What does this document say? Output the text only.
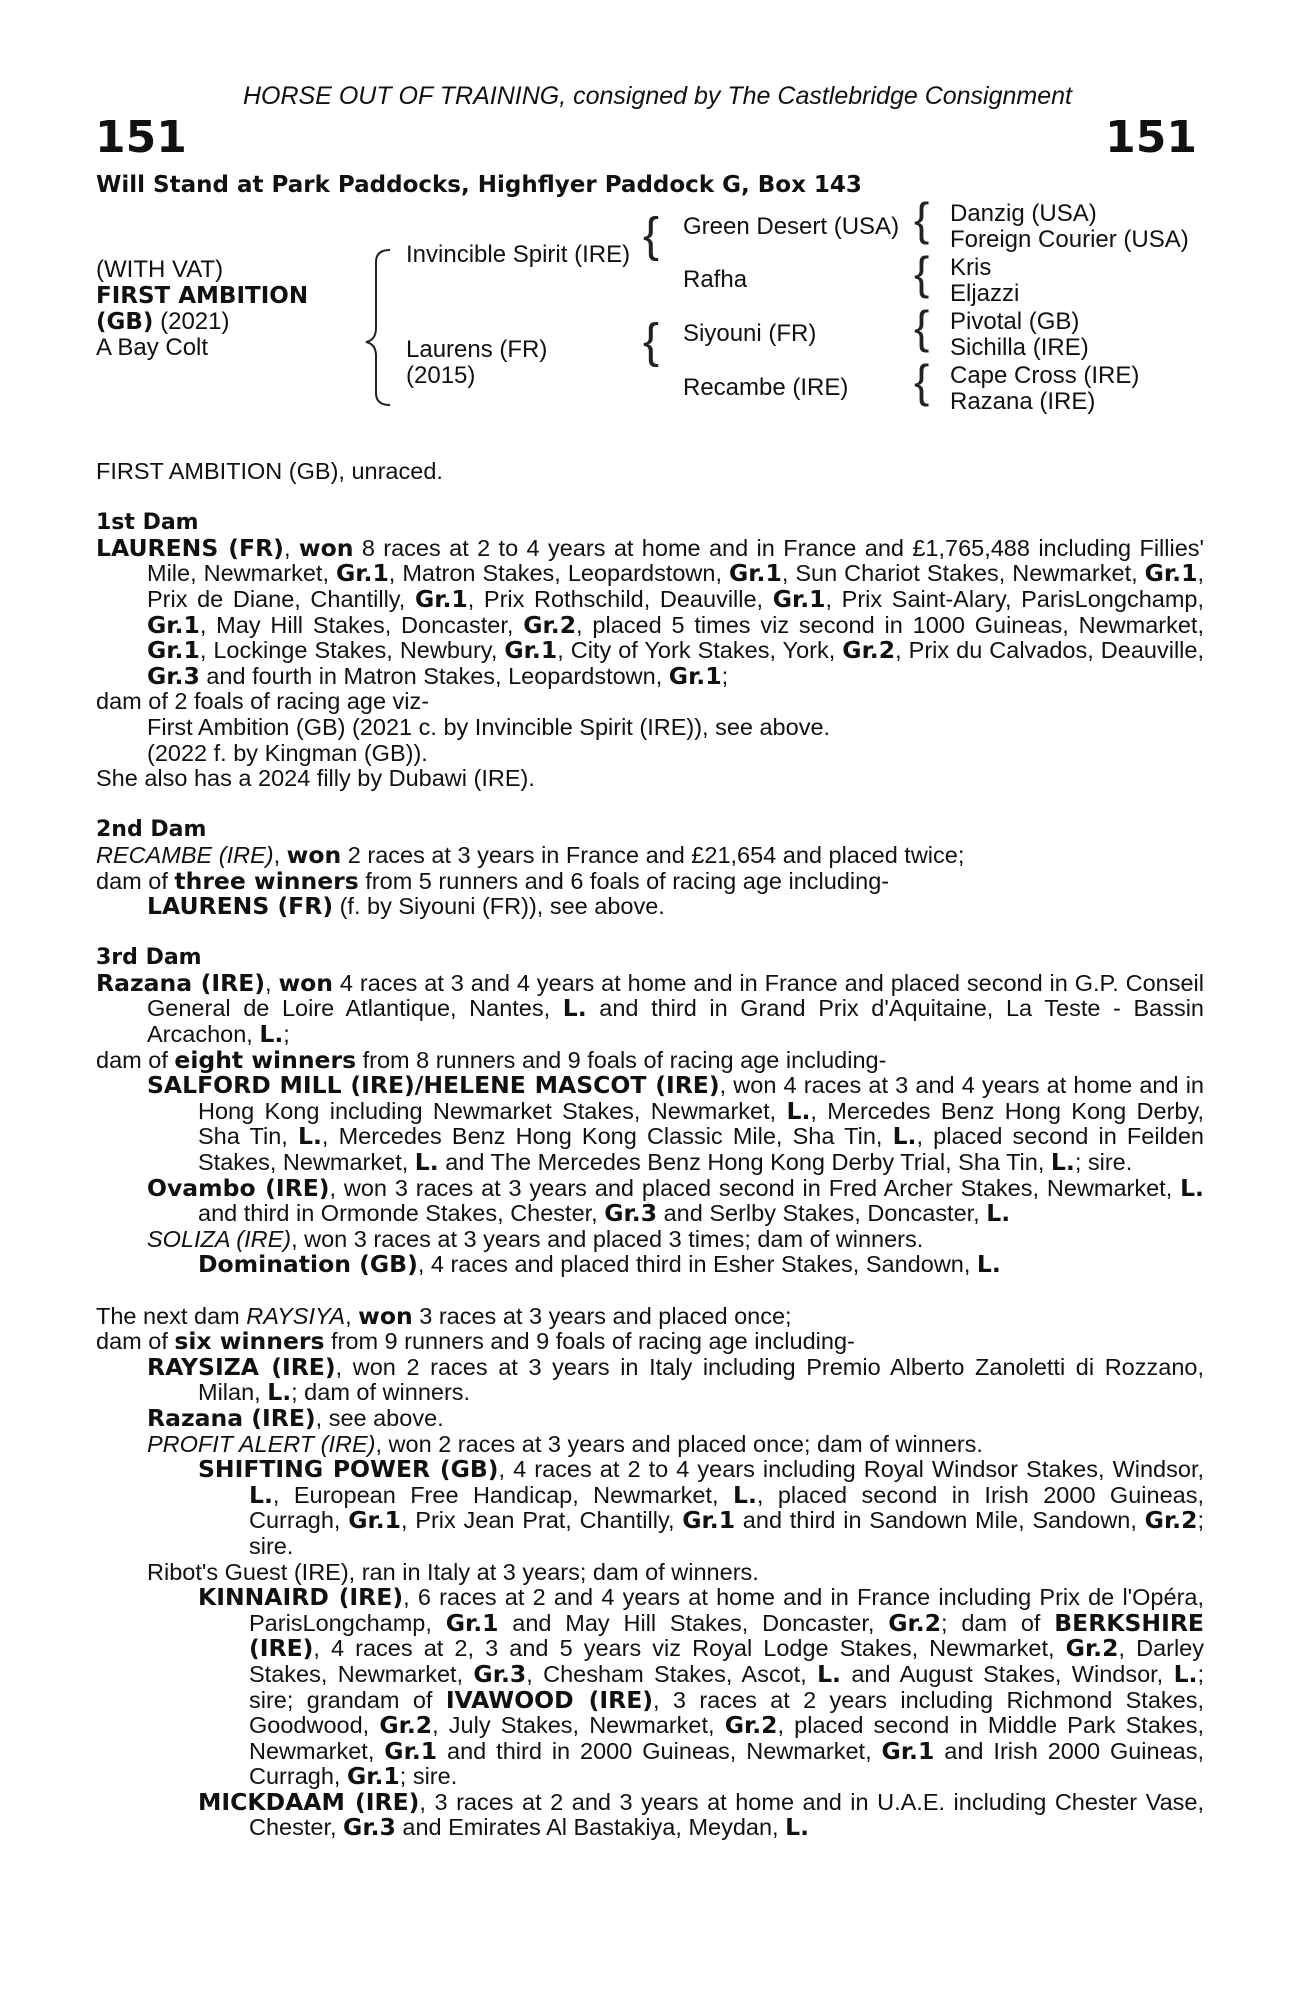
HORSE OUT OF TRAINING, consigned by The Castlebridge Consignment
151	151
Will Stand at Park Paddocks, Highflyer Paddock G, Box 143
(WITH VAT)
FIRST AMBITION
(GB) (2021)
A Bay Colt
Invincible Spirit (IRE)
Laurens (FR)
(2015)
{
{
Green Desert (USA)
Rafha
Siyouni (FR)
Recambe (IRE)
{
{
{
{
Danzig (USA)
Foreign Courier (USA)
Kris
Eljazzi
Pivotal (GB)
Sichilla (IRE)
Cape Cross (IRE)
Razana (IRE)

FIRST AMBITION (GB), unraced.

1st Dam

LAURENS (FR), won 8 races at 2 to 4 years at home and in France and £1,765,488 including Fillies' Mile, Newmarket, Gr.1, Matron Stakes, Leopardstown, Gr.1, Sun Chariot Stakes, Newmarket, Gr.1, Prix de Diane, Chantilly, Gr.1, Prix Rothschild, Deauville, Gr.1, Prix Saint-Alary, ParisLongchamp, Gr.1, May Hill Stakes, Doncaster, Gr.2, placed 5 times viz second in 1000 Guineas, Newmarket, Gr.1, Lockinge Stakes, Newbury, Gr.1, City of York Stakes, York, Gr.2, Prix du Calvados, Deauville, Gr.3 and fourth in Matron Stakes, Leopardstown, Gr.1;

dam of 2 foals of racing age viz-

First Ambition (GB) (2021 c. by Invincible Spirit (IRE)), see above.

(2022 f. by Kingman (GB)).

She also has a 2024 filly by Dubawi (IRE).

2nd Dam

RECAMBE (IRE), won 2 races at 3 years in France and £21,654 and placed twice;

dam of three winners from 5 runners and 6 foals of racing age including-

LAURENS (FR) (f. by Siyouni (FR)), see above.

3rd Dam

Razana (IRE), won 4 races at 3 and 4 years at home and in France and placed second in G.P. Conseil General de Loire Atlantique, Nantes, L. and third in Grand Prix d'Aquitaine, La Teste - Bassin Arcachon, L.;

dam of eight winners from 8 runners and 9 foals of racing age including-

SALFORD MILL (IRE)/HELENE MASCOT (IRE), won 4 races at 3 and 4 years at home and in Hong Kong including Newmarket Stakes, Newmarket, L., Mercedes Benz Hong Kong Derby, Sha Tin, L., Mercedes Benz Hong Kong Classic Mile, Sha Tin, L., placed second in Feilden Stakes, Newmarket, L. and The Mercedes Benz Hong Kong Derby Trial, Sha Tin, L.; sire.

Ovambo (IRE), won 3 races at 3 years and placed second in Fred Archer Stakes, Newmarket, L. and third in Ormonde Stakes, Chester, Gr.3 and Serlby Stakes, Doncaster, L.

SOLIZA (IRE), won 3 races at 3 years and placed 3 times; dam of winners.

Domination (GB), 4 races and placed third in Esher Stakes, Sandown, L.

The next dam RAYSIYA, won 3 races at 3 years and placed once;

dam of six winners from 9 runners and 9 foals of racing age including-

RAYSIZA (IRE), won 2 races at 3 years in Italy including Premio Alberto Zanoletti di Rozzano, Milan, L.; dam of winners.

Razana (IRE), see above.

PROFIT ALERT (IRE), won 2 races at 3 years and placed once; dam of winners.

SHIFTING POWER (GB), 4 races at 2 to 4 years including Royal Windsor Stakes, Windsor, L., European Free Handicap, Newmarket, L., placed second in Irish 2000 Guineas, Curragh, Gr.1, Prix Jean Prat, Chantilly, Gr.1 and third in Sandown Mile, Sandown, Gr.2; sire.

Ribot's Guest (IRE), ran in Italy at 3 years; dam of winners.

KINNAIRD (IRE), 6 races at 2 and 4 years at home and in France including Prix de l'Opéra, ParisLongchamp, Gr.1 and May Hill Stakes, Doncaster, Gr.2; dam of BERKSHIRE (IRE), 4 races at 2, 3 and 5 years viz Royal Lodge Stakes, Newmarket, Gr.2, Darley Stakes, Newmarket, Gr.3, Chesham Stakes, Ascot, L. and August Stakes, Windsor, L.; sire; grandam of IVAWOOD (IRE), 3 races at 2 years including Richmond Stakes, Goodwood, Gr.2, July Stakes, Newmarket, Gr.2, placed second in Middle Park Stakes, Newmarket, Gr.1 and third in 2000 Guineas, Newmarket, Gr.1 and Irish 2000 Guineas, Curragh, Gr.1; sire.

MICKDAAM (IRE), 3 races at 2 and 3 years at home and in U.A.E. including Chester Vase, Chester, Gr.3 and Emirates Al Bastakiya, Meydan, L.
